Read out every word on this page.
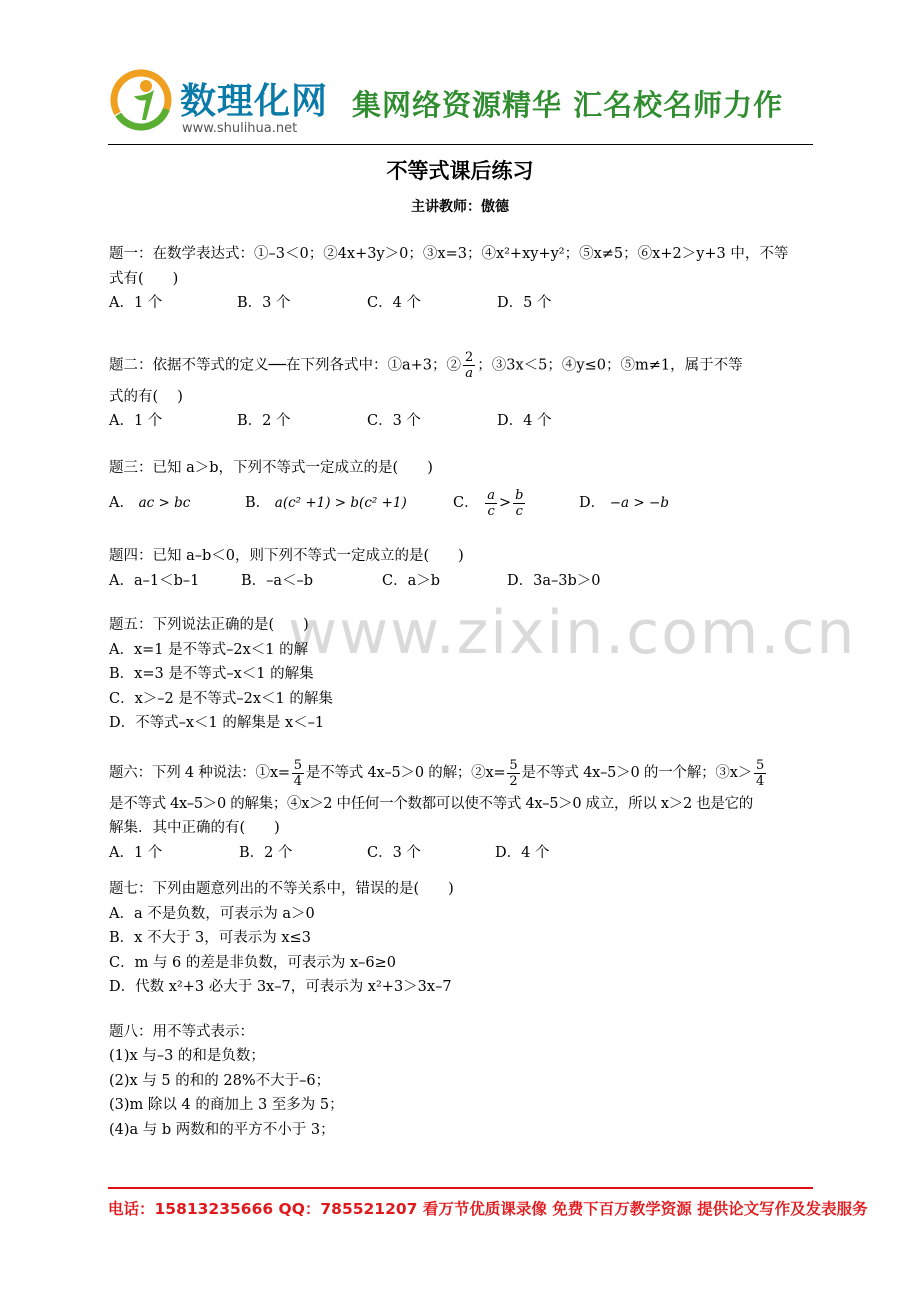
数理化网
www.shulihua.net
集网络资源精华 汇名校名师力作
不等式课后练习
主讲教师：傲德
www.zixin.com.cn
题一：在数学表达式：①–3＜0；②4x+3y＞0；③x=3；④x²+xy+y²；⑤x≠5；⑥x+2＞y+3 中，不等
式有(　　)
A．1 个	B．3 个	C．4 个	D．5 个
题二：依据不等式的定义──在下列各式中：①a+3；② $\frac{2}{a}$ ；③3x＜5；④y≤0；⑤m≠1，属于不等
式的有(　 )
A．1 个	B．2 个	C．3 个	D．4 个
题三：已知 a＞b，下列不等式一定成立的是(　　)
A． ac > bc	B． a(c² +1) > b(c² +1)	C．
$\frac{a}{c} > \frac{b}{c}$	D． −a > −b
题四：已知 a–b＜0，则下列不等式一定成立的是(　　)
A．a–1＜b–1	B．–a＜–b	C．a＞b	D．3a–3b＞0
题五：下列说法正确的是(　　)
A．x=1 是不等式–2x＜1 的解
B．x=3 是不等式–x＜1 的解集
C．x＞–2 是不等式–2x＜1 的解集
D．不等式–x＜1 的解集是 x＜–1
题六：下列 4 种说法：①x= $\frac{5}{4}$ 是不等式 4x–5＞0 的解；②x= $\frac{5}{2}$ 是不等式 4x–5＞0 的一个解；③x＞ $\frac{5}{4}$
是不等式 4x–5＞0 的解集；④x＞2 中任何一个数都可以使不等式 4x–5＞0 成立，所以 x＞2 也是它的
解集．其中正确的有(　　)
A．1 个	B．2 个	C．3 个	D．4 个
题七：下列由题意列出的不等关系中，错误的是(　　)
A．a 不是负数，可表示为 a＞0
B．x 不大于 3，可表示为 x≤3
C．m 与 6 的差是非负数，可表示为 x–6≥0
D．代数 x²+3 必大于 3x–7，可表示为 x²+3＞3x–7
题八：用不等式表示：
(1)x 与–3 的和是负数；
(2)x 与 5 的和的 28%不大于–6；
(3)m 除以 4 的商加上 3 至多为 5；
(4)a 与 b 两数和的平方不小于 3；
电话：15813235666 QQ：785521207 看万节优质课录像 免费下百万教学资源 提供论文写作及发表服务
